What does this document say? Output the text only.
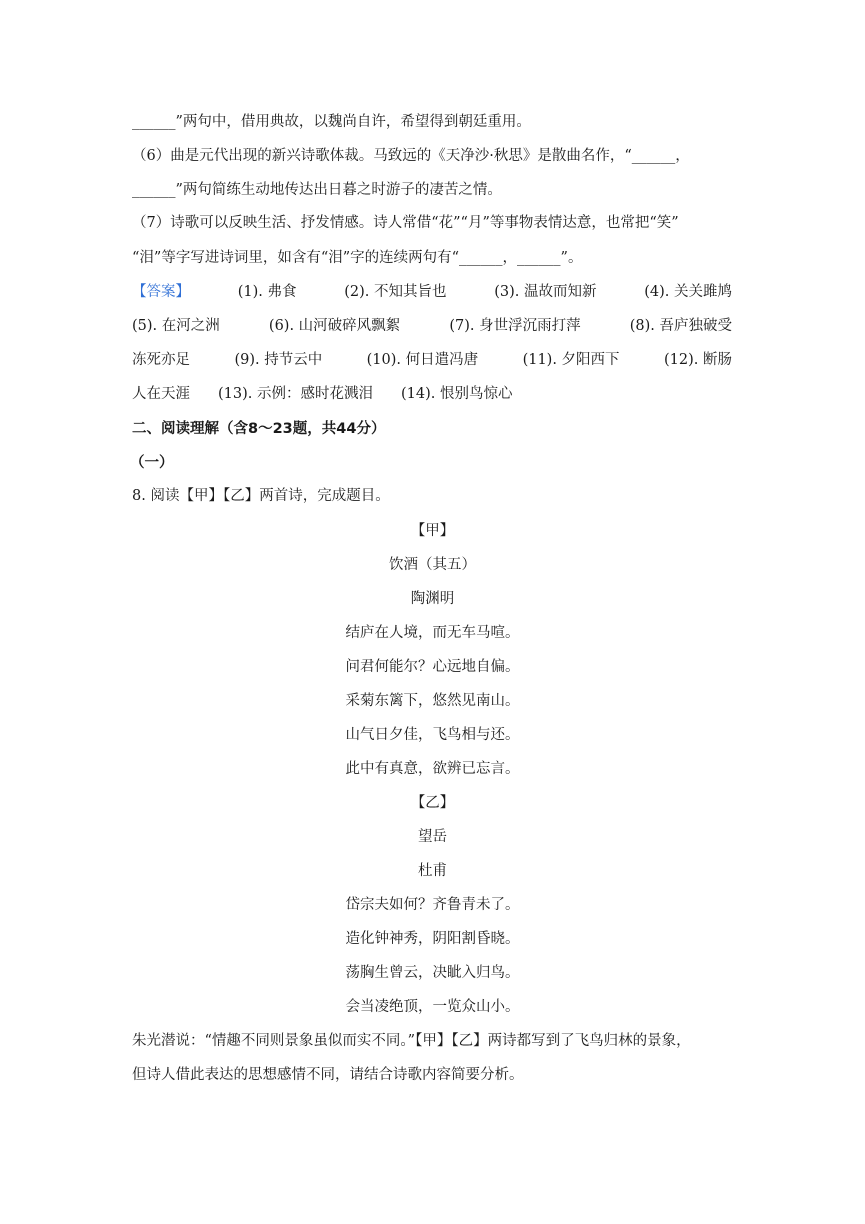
______”两句中，借用典故，以魏尚自许，希望得到朝廷重用。
（6）曲是元代出现的新兴诗歌体裁。马致远的《天净沙·秋思》是散曲名作，“______，
______”两句简练生动地传达出日暮之时游子的凄苦之情。
（7）诗歌可以反映生活、抒发情感。诗人常借“花”“月”等事物表情达意，也常把“笑”
“泪”等字写进诗词里，如含有“泪”字的连续两句有“______，______”。
【答案】	(1). 弗食	(2). 不知其旨也	(3). 温故而知新	(4). 关关雎鸠
(5). 在河之洲	(6). 山河破碎风飘絮	(7). 身世浮沉雨打萍	(8). 吾庐独破受
冻死亦足	(9). 持节云中	(10). 何日遣冯唐	(11). 夕阳西下	(12). 断肠
人在天涯 (13). 示例：感时花溅泪 (14). 恨别鸟惊心
二、阅读理解（含8～23题，共44分）
（一）
8. 阅读【甲】【乙】两首诗，完成题目。
【甲】
饮酒（其五）
陶渊明
结庐在人境，而无车马喧。
问君何能尔？心远地自偏。
采菊东篱下，悠然见南山。
山气日夕佳，飞鸟相与还。
此中有真意，欲辨已忘言。
【乙】
望岳
杜甫
岱宗夫如何？齐鲁青未了。
造化钟神秀，阴阳割昏晓。
荡胸生曾云，决眦入归鸟。
会当凌绝顶，一览众山小。
朱光潜说：“情趣不同则景象虽似而实不同。”【甲】【乙】两诗都写到了飞鸟归林的景象，
但诗人借此表达的思想感情不同，请结合诗歌内容简要分析。
